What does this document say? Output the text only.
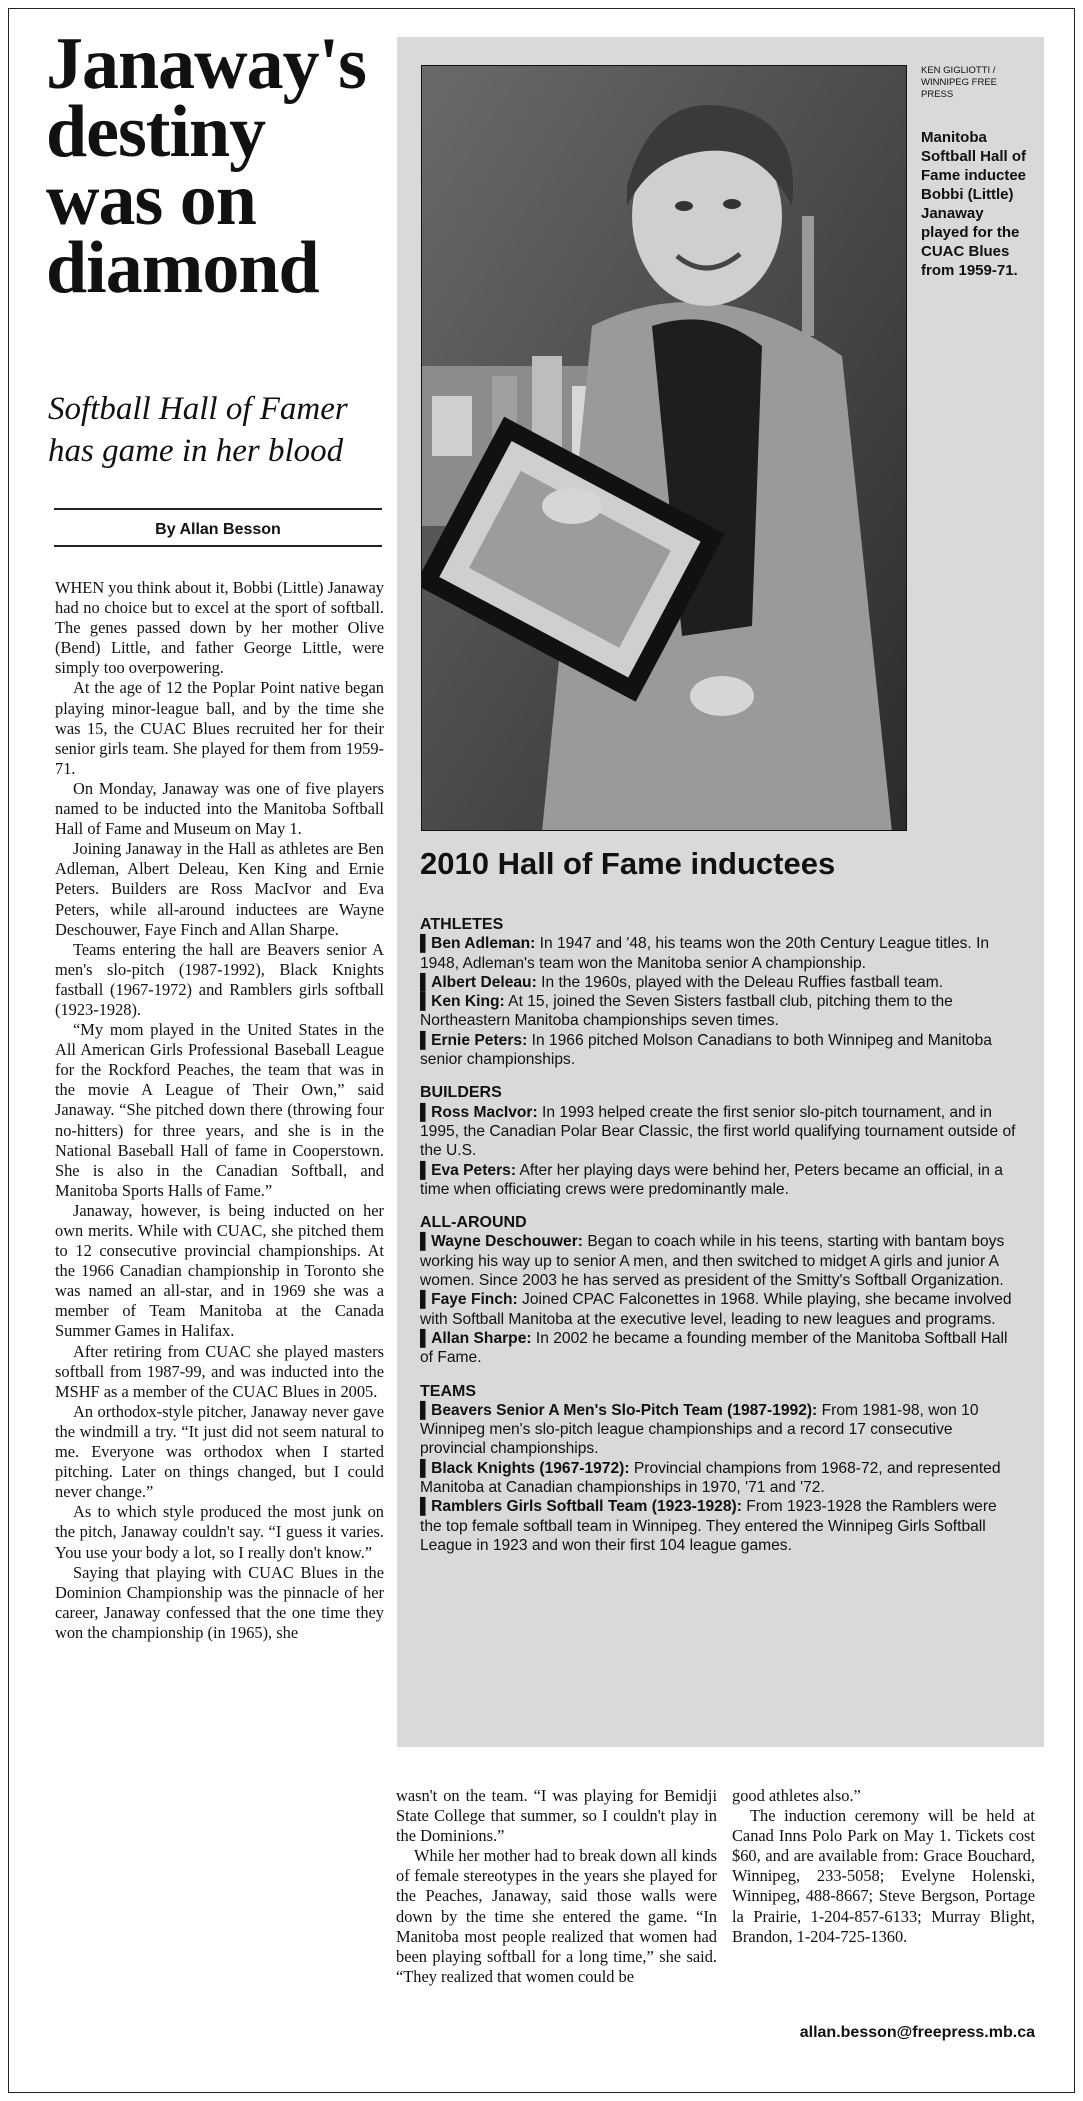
Janaway's destiny was on diamond
Softball Hall of Famer has game in her blood
By Allan Besson

WHEN you think about it, Bobbi (Little) Janaway had no choice but to excel at the sport of softball. The genes passed down by her mother Olive (Bend) Little, and father George Little, were simply too overpowering.

At the age of 12 the Poplar Point native began playing minor-league ball, and by the time she was 15, the CUAC Blues recruited her for their senior girls team. She played for them from 1959-71.

On Monday, Janaway was one of five players named to be inducted into the Manitoba Softball Hall of Fame and Museum on May 1.

Joining Janaway in the Hall as athletes are Ben Adleman, Albert Deleau, Ken King and Ernie Peters. Builders are Ross MacIvor and Eva Peters, while all-around inductees are Wayne Deschouwer, Faye Finch and Allan Sharpe.

Teams entering the hall are Beavers senior A men's slo-pitch (1987-1992), Black Knights fastball (1967-1972) and Ramblers girls softball (1923-1928).

“My mom played in the United States in the All American Girls Professional Baseball League for the Rockford Peaches, the team that was in the movie A League of Their Own,” said Janaway. “She pitched down there (throwing four no-hitters) for three years, and she is in the National Baseball Hall of fame in Cooperstown. She is also in the Canadian Softball, and Manitoba Sports Halls of Fame.”

Janaway, however, is being inducted on her own merits. While with CUAC, she pitched them to 12 consecutive provincial championships. At the 1966 Canadian championship in Toronto she was named an all-star, and in 1969 she was a member of Team Manitoba at the Canada Summer Games in Halifax.

After retiring from CUAC she played masters softball from 1987-99, and was inducted into the MSHF as a member of the CUAC Blues in 2005.

An orthodox-style pitcher, Janaway never gave the windmill a try. “It just did not seem natural to me. Everyone was orthodox when I started pitching. Later on things changed, but I could never change.”

As to which style produced the most junk on the pitch, Janaway couldn't say. “I guess it varies. You use your body a lot, so I really don't know.”

Saying that playing with CUAC Blues in the Dominion Championship was the pinnacle of her career, Janaway confessed that the one time they won the championship (in 1965), she

KEN GIGLIOTTI / WINNIPEG FREE PRESS
Manitoba Softball Hall of Fame inductee Bobbi (Little) Janaway played for the CUAC Blues from 1959-71.
2010 Hall of Fame inductees
ATHLETES

▌Ben Adleman: In 1947 and '48, his teams won the 20th Century League titles. In 1948, Adleman's team won the Manitoba senior A championship.

▌Albert Deleau: In the 1960s, played with the Deleau Ruffies fastball team.

▌Ken King: At 15, joined the Seven Sisters fastball club, pitching them to the Northeastern Manitoba championships seven times.

▌Ernie Peters: In 1966 pitched Molson Canadians to both Winnipeg and Manitoba senior championships.

BUILDERS

▌Ross MacIvor: In 1993 helped create the first senior slo-pitch tournament, and in 1995, the Canadian Polar Bear Classic, the first world qualifying tournament outside of the U.S.

▌Eva Peters: After her playing days were behind her, Peters became an official, in a time when officiating crews were predominantly male.

ALL-AROUND

▌Wayne Deschouwer: Began to coach while in his teens, starting with bantam boys working his way up to senior A men, and then switched to midget A girls and junior A women. Since 2003 he has served as president of the Smitty's Softball Organization.

▌Faye Finch: Joined CPAC Falconettes in 1968. While playing, she became involved with Softball Manitoba at the executive level, leading to new leagues and programs.

▌Allan Sharpe: In 2002 he became a founding member of the Manitoba Softball Hall of Fame.

TEAMS

▌Beavers Senior A Men's Slo-Pitch Team (1987-1992): From 1981-98, won 10 Winnipeg men's slo-pitch league championships and a record 17 consecutive provincial championships.

▌Black Knights (1967-1972): Provincial champions from 1968-72, and represented Manitoba at Canadian championships in 1970, '71 and '72.

▌Ramblers Girls Softball Team (1923-1928): From 1923-1928 the Ramblers were the top female softball team in Winnipeg. They entered the Winnipeg Girls Softball League in 1923 and won their first 104 league games.

wasn't on the team. “I was playing for Bemidji State College that summer, so I couldn't play in the Dominions.”

While her mother had to break down all kinds of female stereotypes in the years she played for the Peaches, Janaway, said those walls were down by the time she entered the game. “In Manitoba most people realized that women had been playing softball for a long time,” she said. “They realized that women could be

good athletes also.”

The induction ceremony will be held at Canad Inns Polo Park on May 1. Tickets cost $60, and are available from: Grace Bouchard, Winnipeg, 233-5058; Evelyne Holenski, Winnipeg, 488-8667; Steve Bergson, Portage la Prairie, 1-204-857-6133; Murray Blight, Brandon, 1-204-725-1360.

allan.besson@freepress.mb.ca
